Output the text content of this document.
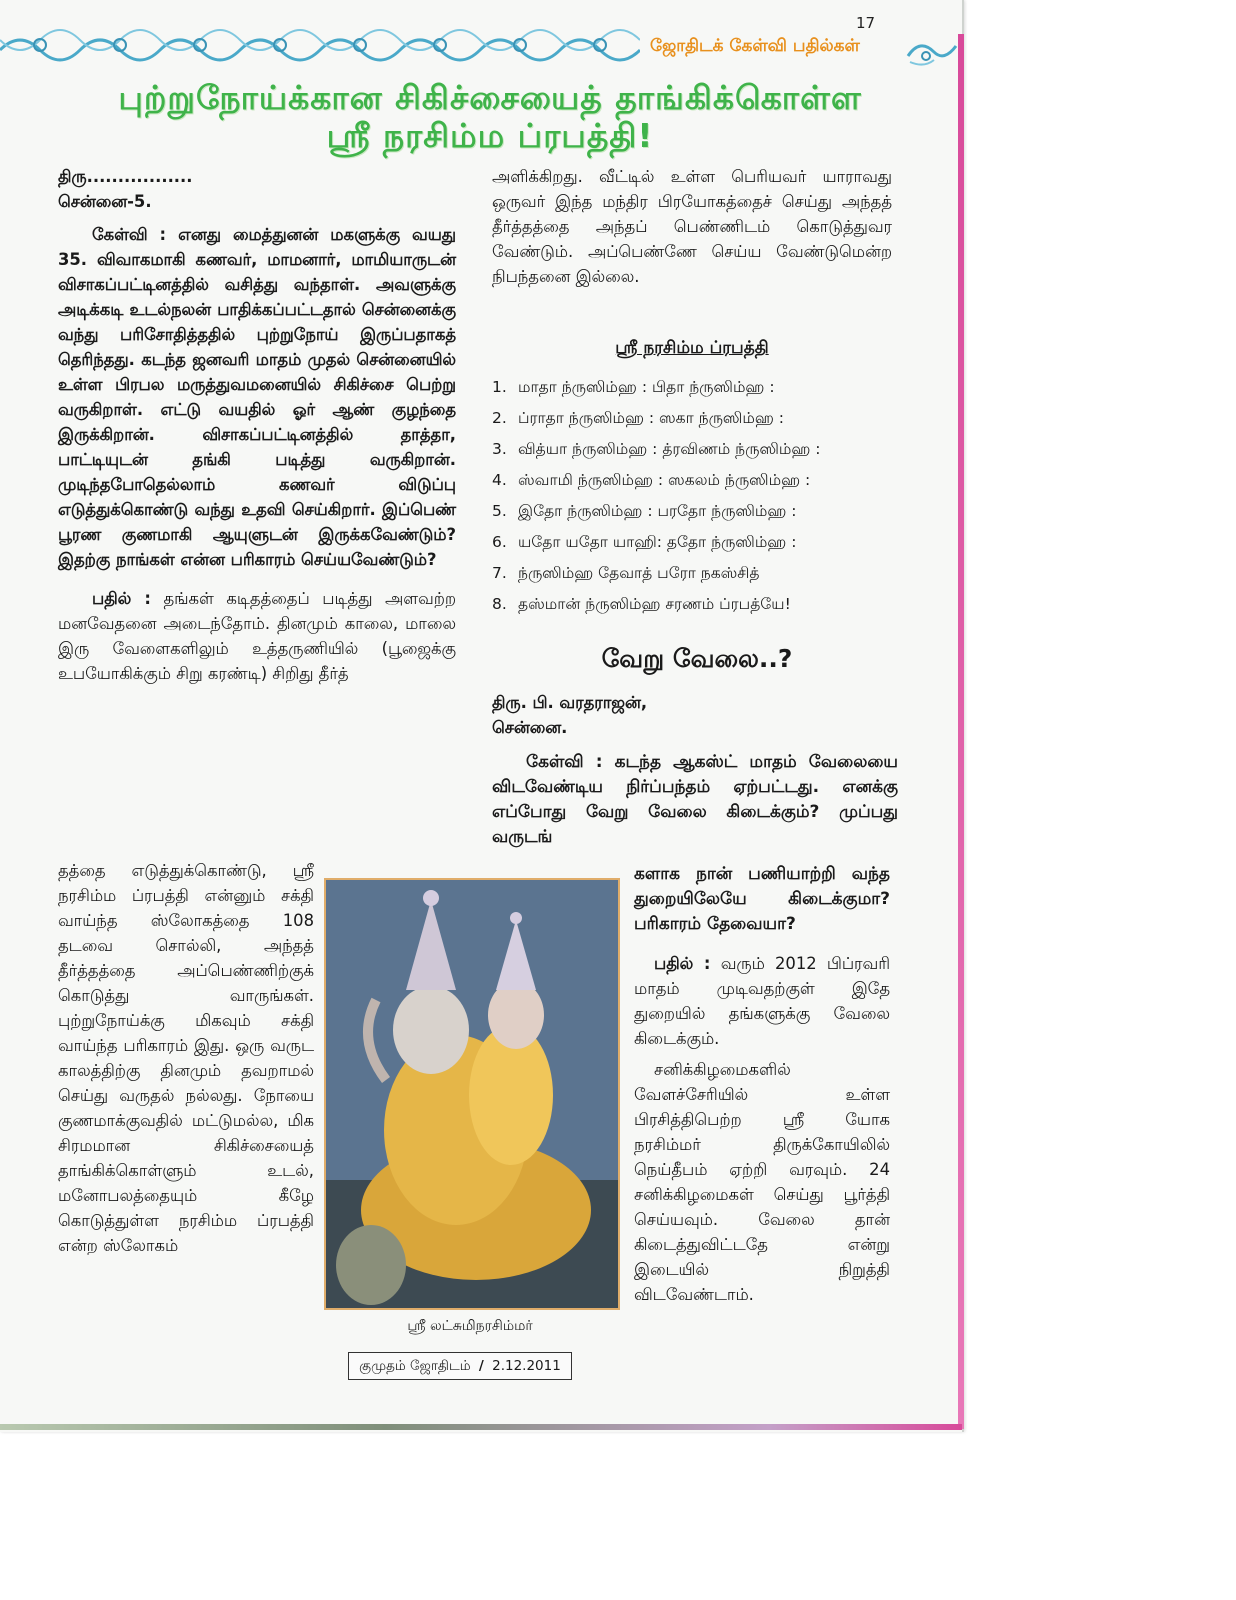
17
ஜோதிடக் கேள்வி பதில்கள்
புற்றுநோய்க்கான சிகிச்சையைத் தாங்கிக்கொள்ள
ஸ்ரீ நரசிம்ம ப்ரபத்தி!

திரு.................

சென்னை-5.

கேள்வி : எனது மைத்துனன் மகளுக்கு வயது 35. விவாகமாகி கணவர், மாமனார், மாமியாருடன் விசாகப்பட்டினத்தில் வசித்து வந்தாள். அவளுக்கு அடிக்கடி உடல்நலன் பாதிக்கப்பட்டதால் சென்னைக்கு வந்து பரிசோதித்ததில் புற்றுநோய் இருப்பதாகத் தெரிந்தது. கடந்த ஜனவரி மாதம் முதல் சென்னையில் உள்ள பிரபல மருத்துவமனையில் சிகிச்சை பெற்று வருகிறாள். எட்டு வயதில் ஓர் ஆண் குழந்தை இருக்கிறான். விசாகப்பட்டினத்தில் தாத்தா, பாட்டியுடன் தங்கி படித்து வருகிறான். முடிந்தபோதெல்லாம் கணவர் விடுப்பு எடுத்துக்கொண்டு வந்து உதவி செய்கிறார். இப்பெண் பூரண குணமாகி ஆயுளுடன் இருக்கவேண்டும்? இதற்கு நாங்கள் என்ன பரிகாரம் செய்யவேண்டும்?

பதில் : தங்கள் கடிதத்தைப் படித்து அளவற்ற மனவேதனை அடைந்தோம். தினமும் காலை, மாலை இரு வேளைகளிலும் உத்தருணியில் (பூஜைக்கு உபயோகிக்கும் சிறு கரண்டி) சிறிது தீர்த்

தத்தை எடுத்துக்கொண்டு, ஸ்ரீ நரசிம்ம ப்ரபத்தி என்னும் சக்தி வாய்ந்த ஸ்லோகத்தை 108 தடவை சொல்லி, அந்தத் தீர்த்தத்தை அப்பெண்ணிற்குக் கொடுத்து வாருங்கள். புற்றுநோய்க்கு மிகவும் சக்தி வாய்ந்த பரிகாரம் இது. ஒரு வருட காலத்திற்கு தினமும் தவறாமல் செய்து வருதல் நல்லது. நோயை குணமாக்குவதில் மட்டுமல்ல, மிக சிரமமான சிகிச்சையைத் தாங்கிக்கொள்ளும் உடல், மனோபலத்தையும் கீழே கொடுத்துள்ள நரசிம்ம ப்ரபத்தி என்ற ஸ்லோகம்

ஸ்ரீ லட்சுமிநரசிம்மர்

அளிக்கிறது. வீட்டில் உள்ள பெரியவர் யாராவது ஒருவர் இந்த மந்திர பிரயோகத்தைச் செய்து அந்தத் தீர்த்தத்தை அந்தப் பெண்ணிடம் கொடுத்துவர வேண்டும். அப்பெண்ணே செய்ய வேண்டுமென்ற நிபந்தனை இல்லை.

ஸ்ரீ நரசிம்ம ப்ரபத்தி
1. மாதா ந்ருஸிம்ஹ : பிதா ந்ருஸிம்ஹ :
2. ப்ராதா ந்ருஸிம்ஹ : ஸகா ந்ருஸிம்ஹ :
3. வித்யா ந்ருஸிம்ஹ : த்ரவிணம் ந்ருஸிம்ஹ :
4. ஸ்வாமி ந்ருஸிம்ஹ : ஸகலம் ந்ருஸிம்ஹ :
5. இதோ ந்ருஸிம்ஹ : பரதோ ந்ருஸிம்ஹ :
6. யதோ யதோ யாஹி: ததோ ந்ருஸிம்ஹ :
7. ந்ருஸிம்ஹ தேவாத் பரோ நகஸ்சித்
8. தஸ்மான் ந்ருஸிம்ஹ சரணம் ப்ரபத்யே!
வேறு வேலை..?

திரு. பி. வரதராஜன்,

சென்னை.

கேள்வி : கடந்த ஆகஸ்ட் மாதம் வேலையை விடவேண்டிய நிர்ப்பந்தம் ஏற்பட்டது. எனக்கு எப்போது வேறு வேலை கிடைக்கும்? முப்பது வருடங்

களாக நான் பணியாற்றி வந்த துறையிலேயே கிடைக்குமா? பரிகாரம் தேவையா?

பதில் : வரும் 2012 பிப்ரவரி மாதம் முடிவதற்குள் இதே துறையில் தங்களுக்கு வேலை கிடைக்கும்.

சனிக்கிழமைகளில் வேளச்சேரியில் உள்ள பிரசித்திபெற்ற ஸ்ரீ யோக நரசிம்மர் திருக்கோயிலில் நெய்தீபம் ஏற்றி வரவும். 24 சனிக்கிழமைகள் செய்து பூர்த்தி செய்யவும். வேலை தான் கிடைத்துவிட்டதே என்று இடையில் நிறுத்தி விடவேண்டாம்.

குமுதம் ஜோதிடம் / 2.12.2011
